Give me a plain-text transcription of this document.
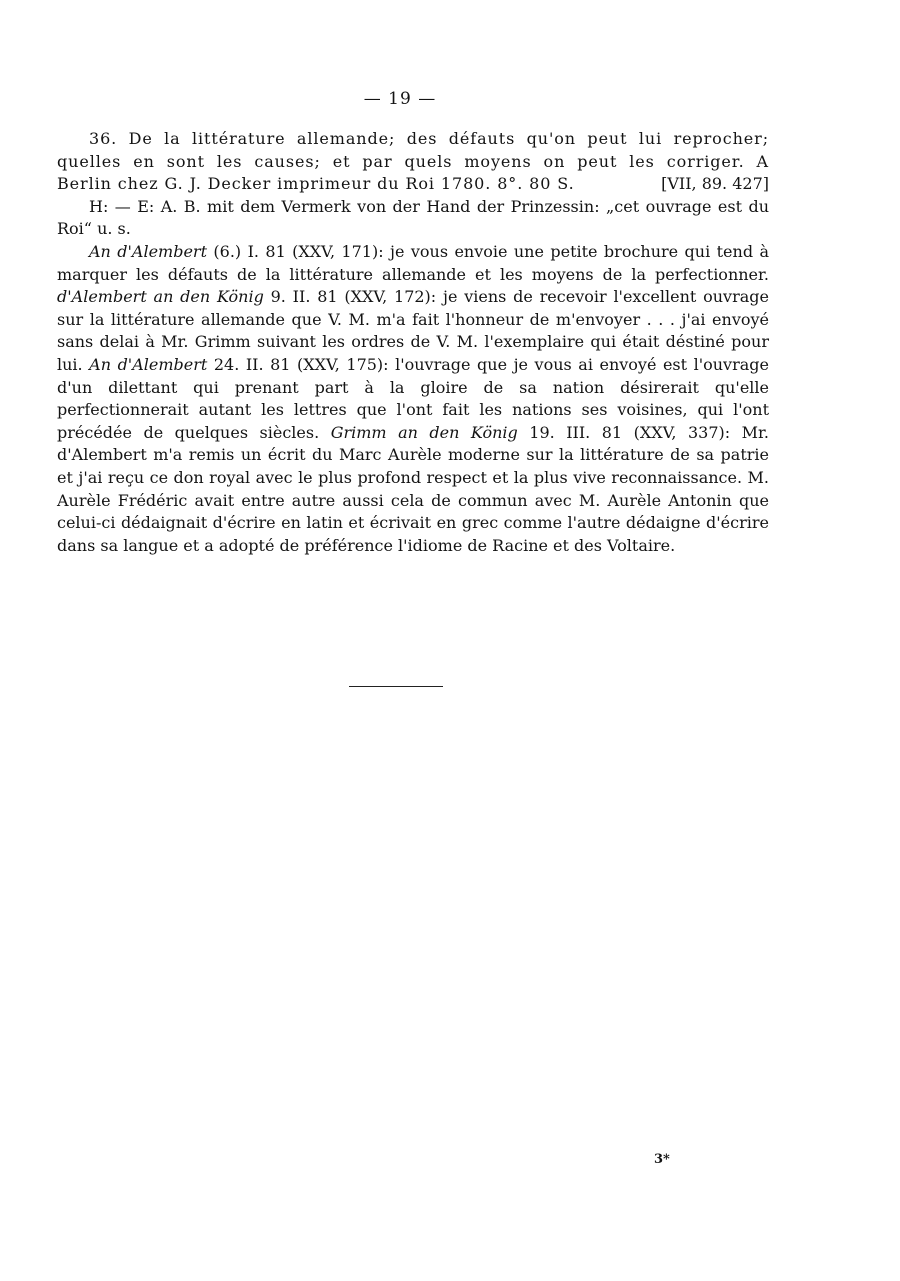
— 19 —

36. De la littérature allemande; des défauts qu'on peut lui reprocher;
quelles en sont les causes; et par quels moyens on peut les corriger. A
Berlin chez G. J. Decker imprimeur du Roi 1780. 8°. 80 S.	[VII, 89. 427]

H: — E: A. B. mit dem Vermerk von der Hand der Prinzessin: „cet ouvrage est du Roi“ u. s.

An d'Alembert (6.) I. 81 (XXV, 171): je vous envoie une petite brochure qui tend à marquer les défauts de la littérature allemande et les moyens de la perfectionner. d'Alembert an den König 9. II. 81 (XXV, 172): je viens de recevoir l'excellent ouvrage sur la littérature allemande que V. M. m'a fait l'honneur de m'envoyer . . . j'ai envoyé sans delai à Mr. Grimm suivant les ordres de V. M. l'exemplaire qui était déstiné pour lui. An d'Alembert 24. II. 81 (XXV, 175): l'ouvrage que je vous ai envoyé est l'ouvrage d'un dilettant qui prenant part à la gloire de sa nation désirerait qu'elle perfectionnerait autant les lettres que l'ont fait les nations ses voisines, qui l'ont précédée de quelques siècles. Grimm an den König 19. III. 81 (XXV, 337): Mr. d'Alembert m'a remis un écrit du Marc Aurèle moderne sur la littérature de sa patrie et j'ai reçu ce don royal avec le plus profond respect et la plus vive reconnaissance. M. Aurèle Frédéric avait entre autre aussi cela de commun avec M. Aurèle Antonin que celui-ci dédaignait d'écrire en latin et écrivait en grec comme l'autre dédaigne d'écrire dans sa langue et a adopté de préférence l'idiome de Racine et des Voltaire.

3*
